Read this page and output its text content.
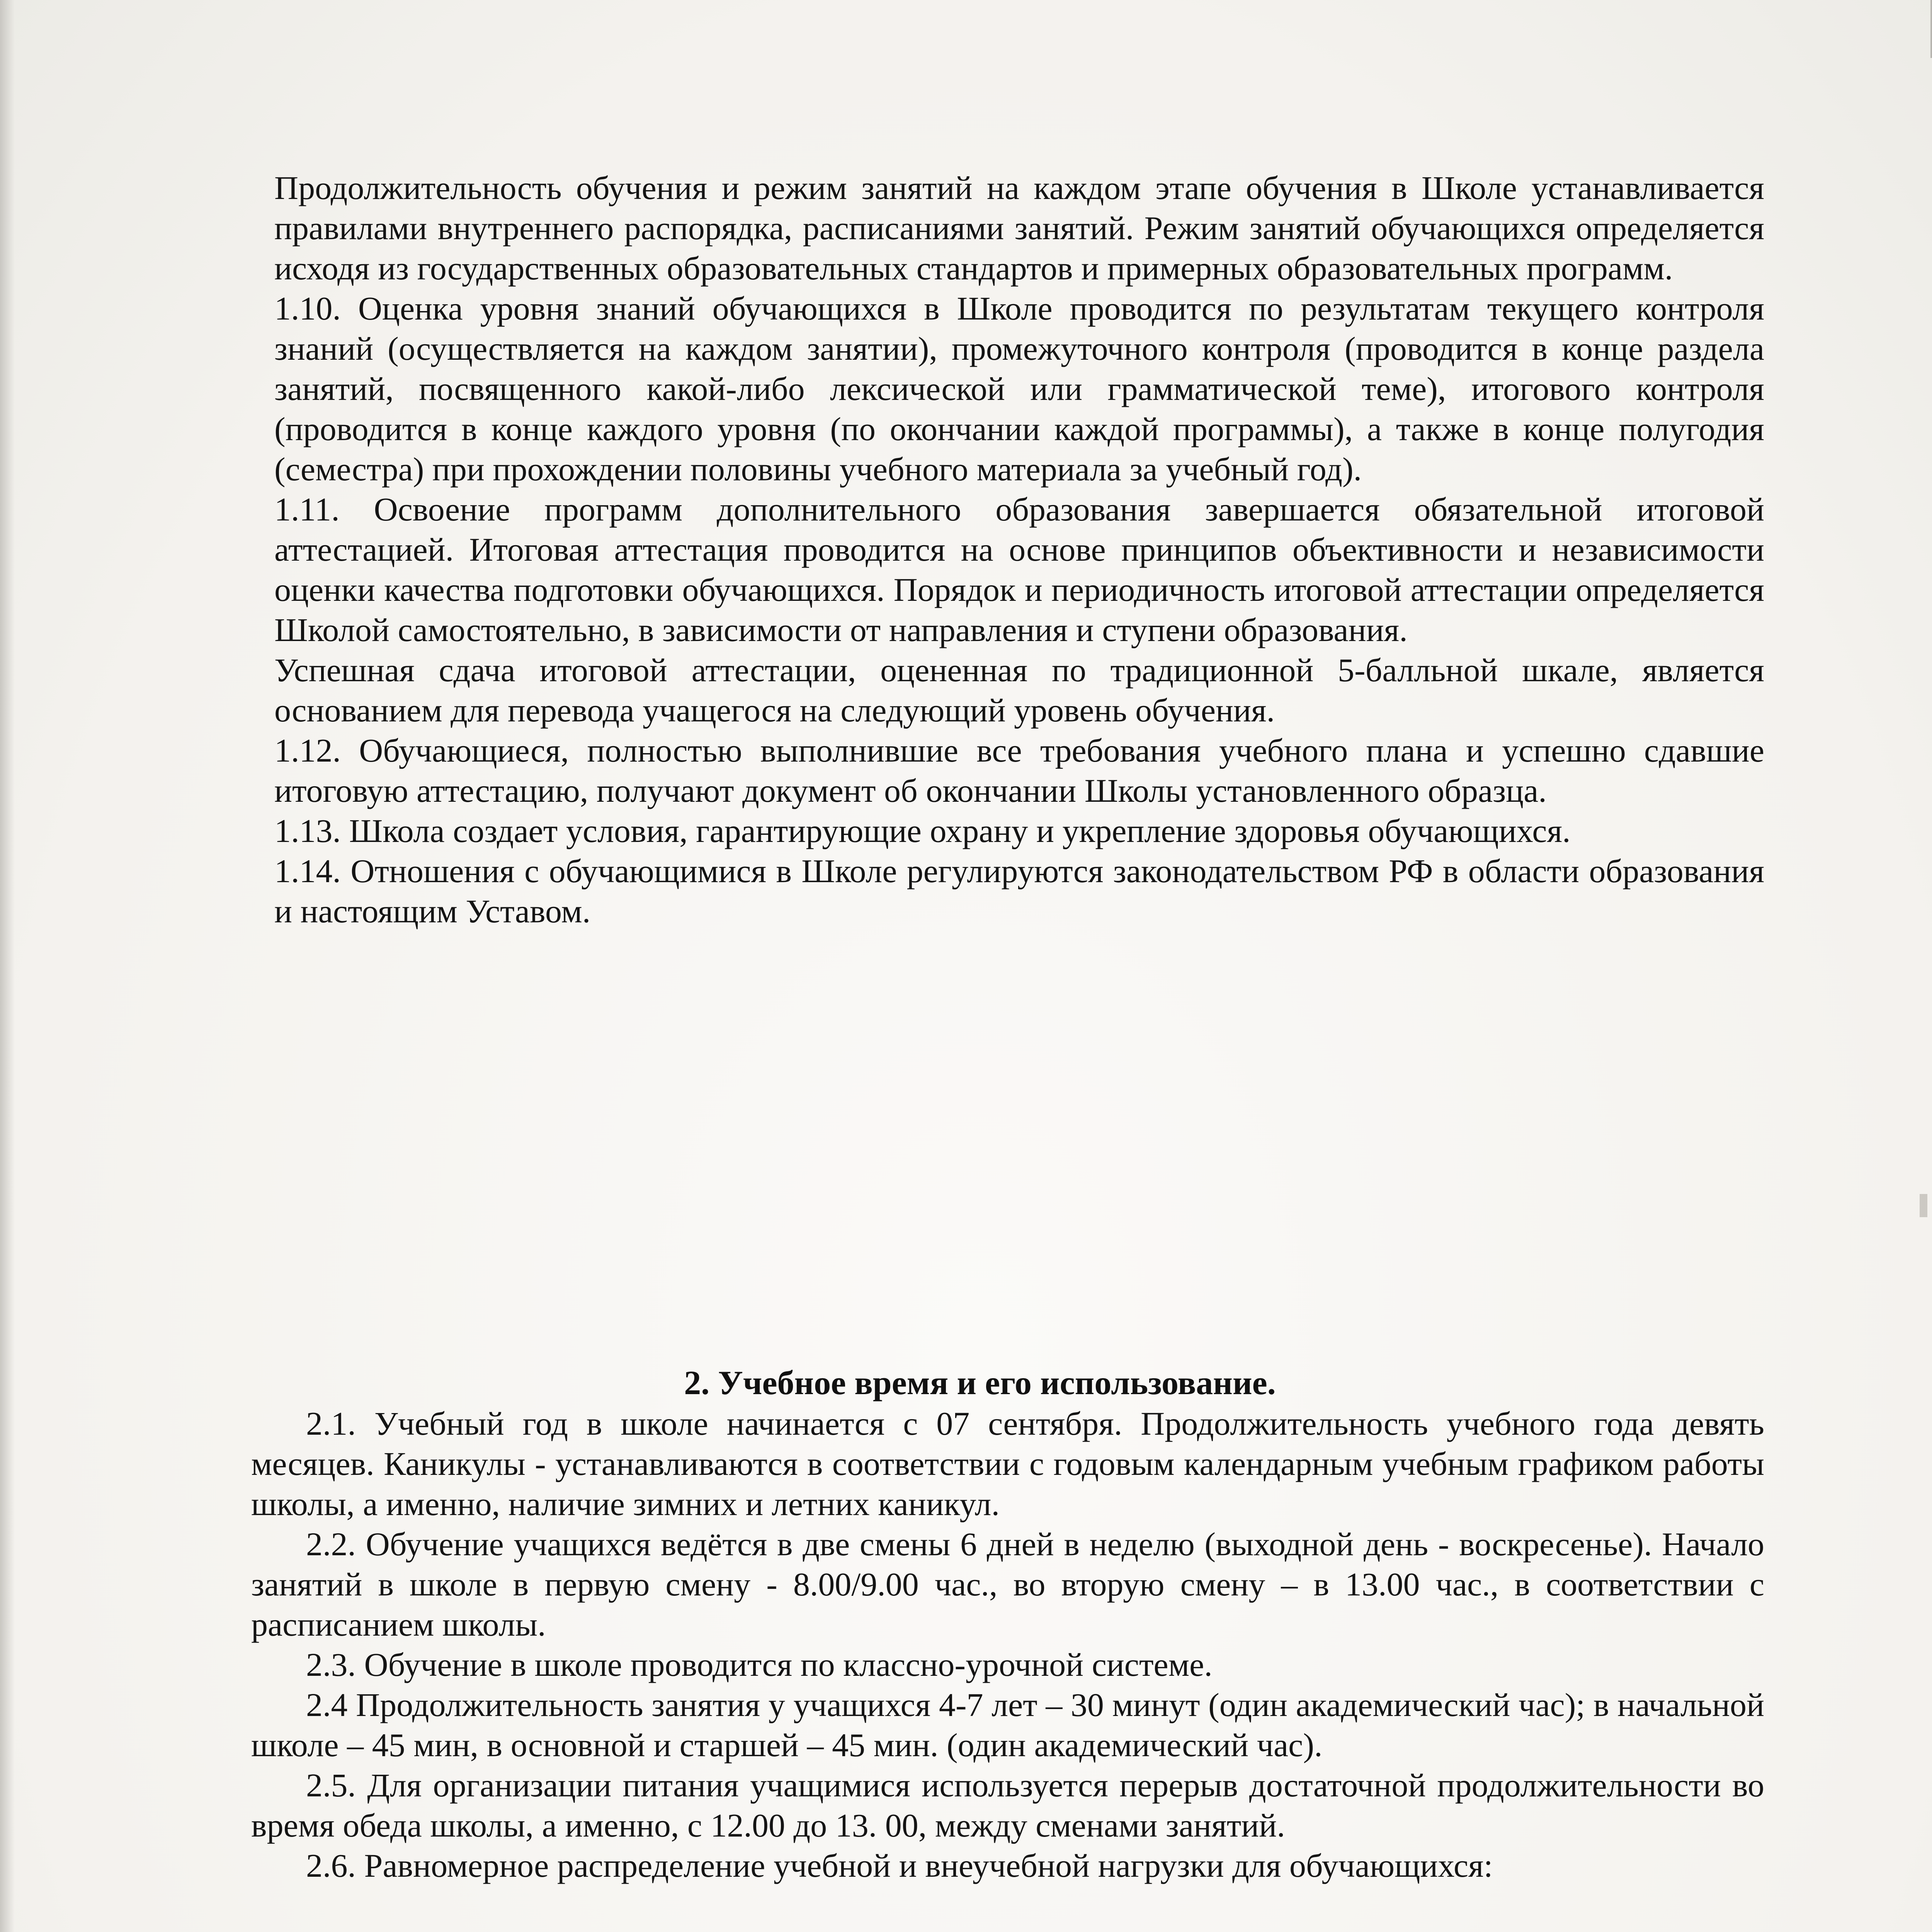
Продолжительность обучения и режим занятий на каждом этапе обучения в Школе устанавливается правилами внутреннего распорядка, расписаниями занятий. Режим занятий обучающихся определяется исходя из государственных образовательных стандартов и примерных образовательных программ.

1.10. Оценка уровня знаний обучающихся в Школе проводится по результатам текущего контроля знаний (осуществляется на каждом занятии), промежуточного контроля (проводится в конце раздела занятий, посвященного какой-либо лексической или грамматической теме), итогового контроля (проводится в конце каждого уровня (по окончании каждой программы), а также в конце полугодия (семестра) при прохождении половины учебного материала за учебный год).

1.11. Освоение программ дополнительного образования завершается обязательной итоговой аттестацией. Итоговая аттестация проводится на основе принципов объективности и независимости оценки качества подготовки обучающихся. Порядок и периодичность итоговой аттестации определяется Школой самостоятельно, в зависимости от направления и ступени образования.

Успешная сдача итоговой аттестации, оцененная по традиционной 5-балльной шкале, является основанием для перевода учащегося на следующий уровень обучения.

1.12. Обучающиеся, полностью выполнившие все требования учебного плана и успешно сдавшие итоговую аттестацию, получают документ об окончании Школы установленного образца.

1.13. Школа создает условия, гарантирующие охрану и укрепление здоровья обучающихся.

1.14. Отношения с обучающимися в Школе регулируются законодательством РФ в области образования и настоящим Уставом.

2. Учебное время и его использование.

2.1. Учебный год в школе начинается с 07 сентября. Продолжительность учебного года девять месяцев. Каникулы - устанавливаются в соответствии с годовым календарным учебным графиком работы школы, а именно, наличие зимних и летних каникул.

2.2. Обучение учащихся ведётся в две смены 6 дней в неделю (выходной день - воскресенье). Начало занятий в школе в первую смену - 8.00/9.00 час., во вторую смену – в 13.00 час., в соответствии с расписанием школы.

2.3. Обучение в школе проводится по классно-урочной системе.

2.4 Продолжительность занятия у учащихся 4-7 лет – 30 минут (один академический час); в начальной школе – 45 мин, в основной и старшей – 45 мин. (один академический час).

2.5. Для организации питания учащимися используется перерыв достаточной продолжительности во время обеда школы, а именно, с 12.00 до 13. 00, между сменами занятий.

2.6. Равномерное распределение учебной и внеучебной нагрузки для обучающихся:
